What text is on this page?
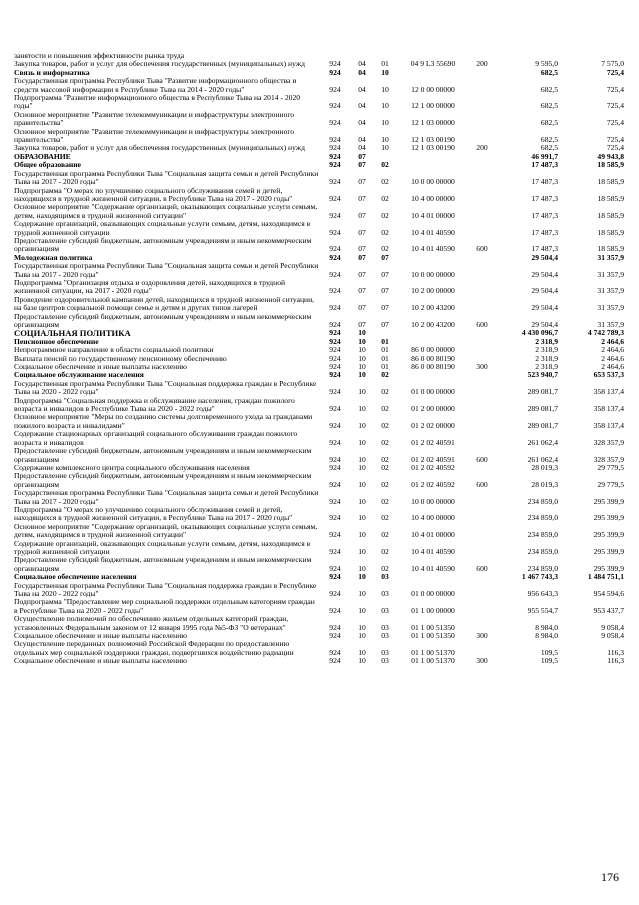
занятости и повышения эффективности рынка труда							
Закупка товаров, работ и услуг для обеспечения государственных (муниципальных) нужд	924	04	01	04 9 L3 55690	200	9 595,0	7 575,0
Связь и информатика	924	04	10			682,5	725,4
Государственная программа Республики Тыва "Развитие информационного общества и средств массовой информации в Республике Тыва на 2014 - 2020 годы"	924	04	10	12 0 00 00000		682,5	725,4
Подпрограмма "Развитие информационного общества в Республике Тыва на 2014 - 2020 годы"	924	04	10	12 1 00 00000		682,5	725,4
Основное мероприятие "Развитие телекоммуникации и инфраструктуры электронного правительства"	924	04	10	12 1 03 00000		682,5	725,4
Основное мероприятие "Развитие телекоммуникации и инфраструктуры электронного правительства"	924	04	10	12 1 03 00190		682,5	725,4
Закупка товаров, работ и услуг для обеспечения государственных (муниципальных) нужд	924	04	10	12 1 03 00190	200	682,5	725,4
ОБРАЗОВАНИЕ	924	07				46 991,7	49 943,8
Общее образование	924	07	02			17 487,3	18 585,9
Государственная программа Республики Тыва "Социальная защита семьи и детей Республики Тыва на 2017 - 2020 годы"	924	07	02	10 0 00 00000		17 487,3	18 585,9
Подпрограмма "О мерах по улучшению социального обслуживания семей и детей, находящихся в трудной жизненной ситуации, в Республике Тыва на 2017 - 2020 годы"	924	07	02	10 4 00 00000		17 487,3	18 585,9
Основное мероприятие "Содержание организаций, оказывающих социальные услуги семьям, детям, находящимся в трудной жизненной ситуации"	924	07	02	10 4 01 00000		17 487,3	18 585,9
Содержание организаций, оказывающих социальные услуги семьям, детям, находящимся в трудной жизненной ситуации	924	07	02	10 4 01 40590		17 487,3	18 585,9
Предоставление субсидий бюджетным, автономным учреждениям и иным некоммерческим организациям	924	07	02	10 4 01 40590	600	17 487,3	18 585,9
Молодежная политика	924	07	07			29 504,4	31 357,9
Государственная программа Республики Тыва "Социальная защита семьи и детей Республики Тыва на 2017 - 2020 годы"	924	07	07	10 0 00 00000		29 504,4	31 357,9
Подпрограмма "Организация отдыха и оздоровления детей, находящихся в трудной жизненной ситуации, на 2017 - 2020 годы"	924	07	07	10 2 00 00000		29 504,4	31 357,9
Проведение оздоровительной кампании детей, находящихся в трудной жизненной ситуации, на базе центров социальной помощи семье и детям и других типов лагерей	924	07	07	10 2 00 43200		29 504,4	31 357,9
Предоставление субсидий бюджетным, автономным учреждениям и иным некоммерческим организациям	924	07	07	10 2 00 43200	600	29 504,4	31 357,9
СОЦИАЛЬНАЯ ПОЛИТИКА	924	10				4 430 096,7	4 742 789,3
Пенсионное обеспечение	924	10	01			2 318,9	2 464,6
Непрограммное направление в области социальной политики	924	10	01	86 0 00 00000		2 318,9	2 464,6
Выплата пенсий по государственному пенсионному обеспечению	924	10	01	86 0 00 80190		2 318,9	2 464,6
Социальное обеспечение и иные выплаты населению	924	10	01	86 0 00 80190	300	2 318,9	2 464,6
Социальное обслуживание населения	924	10	02			523 940,7	653 537,3
Государственная программа Республики Тыва "Социальная поддержка граждан в Республике Тыва на 2020 - 2022 годы"	924	10	02	01 0 00 00000		289 081,7	358 137,4
Подпрограмма "Социальная поддержка и обслуживание населения, граждан пожилого возраста и инвалидов в Республике Тыва на 2020 - 2022 годы"	924	10	02	01 2 00 00000		289 081,7	358 137,4
Основное мероприятие "Меры по созданию системы долговременного ухода за гражданами пожилого возраста и инвалидами"	924	10	02	01 2 02 00000		289 081,7	358 137,4
Содержание стационарных организаций социального обслуживания граждан пожилого возраста и инвалидов	924	10	02	01 2 02 40591		261 062,4	328 357,9
Предоставление субсидий бюджетным, автономным учреждениям и иным некоммерческим организациям	924	10	02	01 2 02 40591	600	261 062,4	328 357,9
Содержание комплексного центра социального обслуживания населения	924	10	02	01 2 02 40592		28 019,3	29 779,5
Предоставление субсидий бюджетным, автономным учреждениям и иным некоммерческим организациям	924	10	02	01 2 02 40592	600	28 019,3	29 779,5
Государственная программа Республики Тыва "Социальная защита семьи и детей Республики Тыва на 2017 - 2020 годы"	924	10	02	10 0 00 00000		234 859,0	295 399,9
Подпрограмма "О мерах по улучшению социального обслуживания семей и детей, находящихся в трудной жизненной ситуации, в Республике Тыва на 2017 - 2020 годы"	924	10	02	10 4 00 00000		234 859,0	295 399,9
Основное мероприятие "Содержание организаций, оказывающих социальные услуги семьям, детям, находящимся в трудной жизненной ситуации"	924	10	02	10 4 01 00000		234 859,0	295 399,9
Содержание организаций, оказывающих социальные услуги семьям, детям, находящимся в трудной жизненной ситуации	924	10	02	10 4 01 40590		234 859,0	295 399,9
Предоставление субсидий бюджетным, автономным учреждениям и иным некоммерческим организациям	924	10	02	10 4 01 40590	600	234 859,0	295 399,9
Социальное обеспечение населения	924	10	03			1 467 743,3	1 484 751,1
Государственная программа Республики Тыва "Социальная поддержка граждан в Республике Тыва на 2020 - 2022 годы"	924	10	03	01 0 00 00000		956 643,3	954 594,6
Подпрограмма "Предоставление мер социальной поддержки отдельным категориям граждан в Республике Тыва на 2020 - 2022 годы"	924	10	03	01 1 00 00000		955 554,7	953 437,7
Осуществление полномочий по обеспечению жильем отдельных категорий граждан, установленных Федеральным законом от 12 января 1995 года №5-ФЗ "О ветеранах"	924	10	03	01 1 00 51350		8 984,0	9 058,4
Социальное обеспечение и иные выплаты населению	924	10	03	01 1 00 51350	300	8 984,0	9 058,4
Осуществление переданных полномочий Российской Федерации по предоставлению отдельных мер социальной поддержки граждан, подвергшихся воздействию радиации	924	10	03	01 1 00 51370		109,5	116,3
Социальное обеспечение и иные выплаты населению	924	10	03	01 1 00 51370	300	109,5	116,3
176
